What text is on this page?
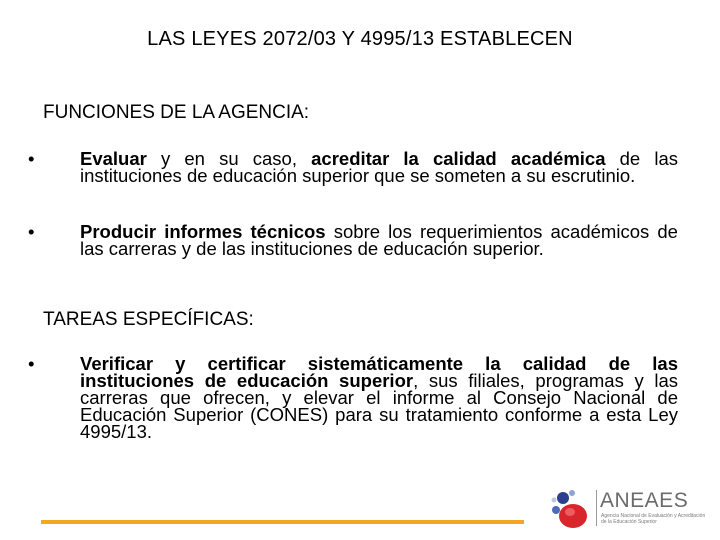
LAS LEYES 2072/03 Y 4995/13 ESTABLECEN
FUNCIONES DE LA AGENCIA:
•	Evaluar y en su caso, acreditar la calidad académica de las instituciones de educación superior que se someten a su escrutinio.
•	Producir informes técnicos sobre los requerimientos académicos de las carreras y de las instituciones de educación superior.
TAREAS ESPECÍFICAS:
•	Verificar y certificar sistemáticamente la calidad de las instituciones de educación superior, sus filiales, programas y las carreras que ofrecen, y elevar el informe al Consejo Nacional de Educación Superior (CONES) para su tratamiento conforme a esta Ley 4995/13.
ANEAES
Agencia Nacional de Evaluación y Acreditación de la Educación Superior
